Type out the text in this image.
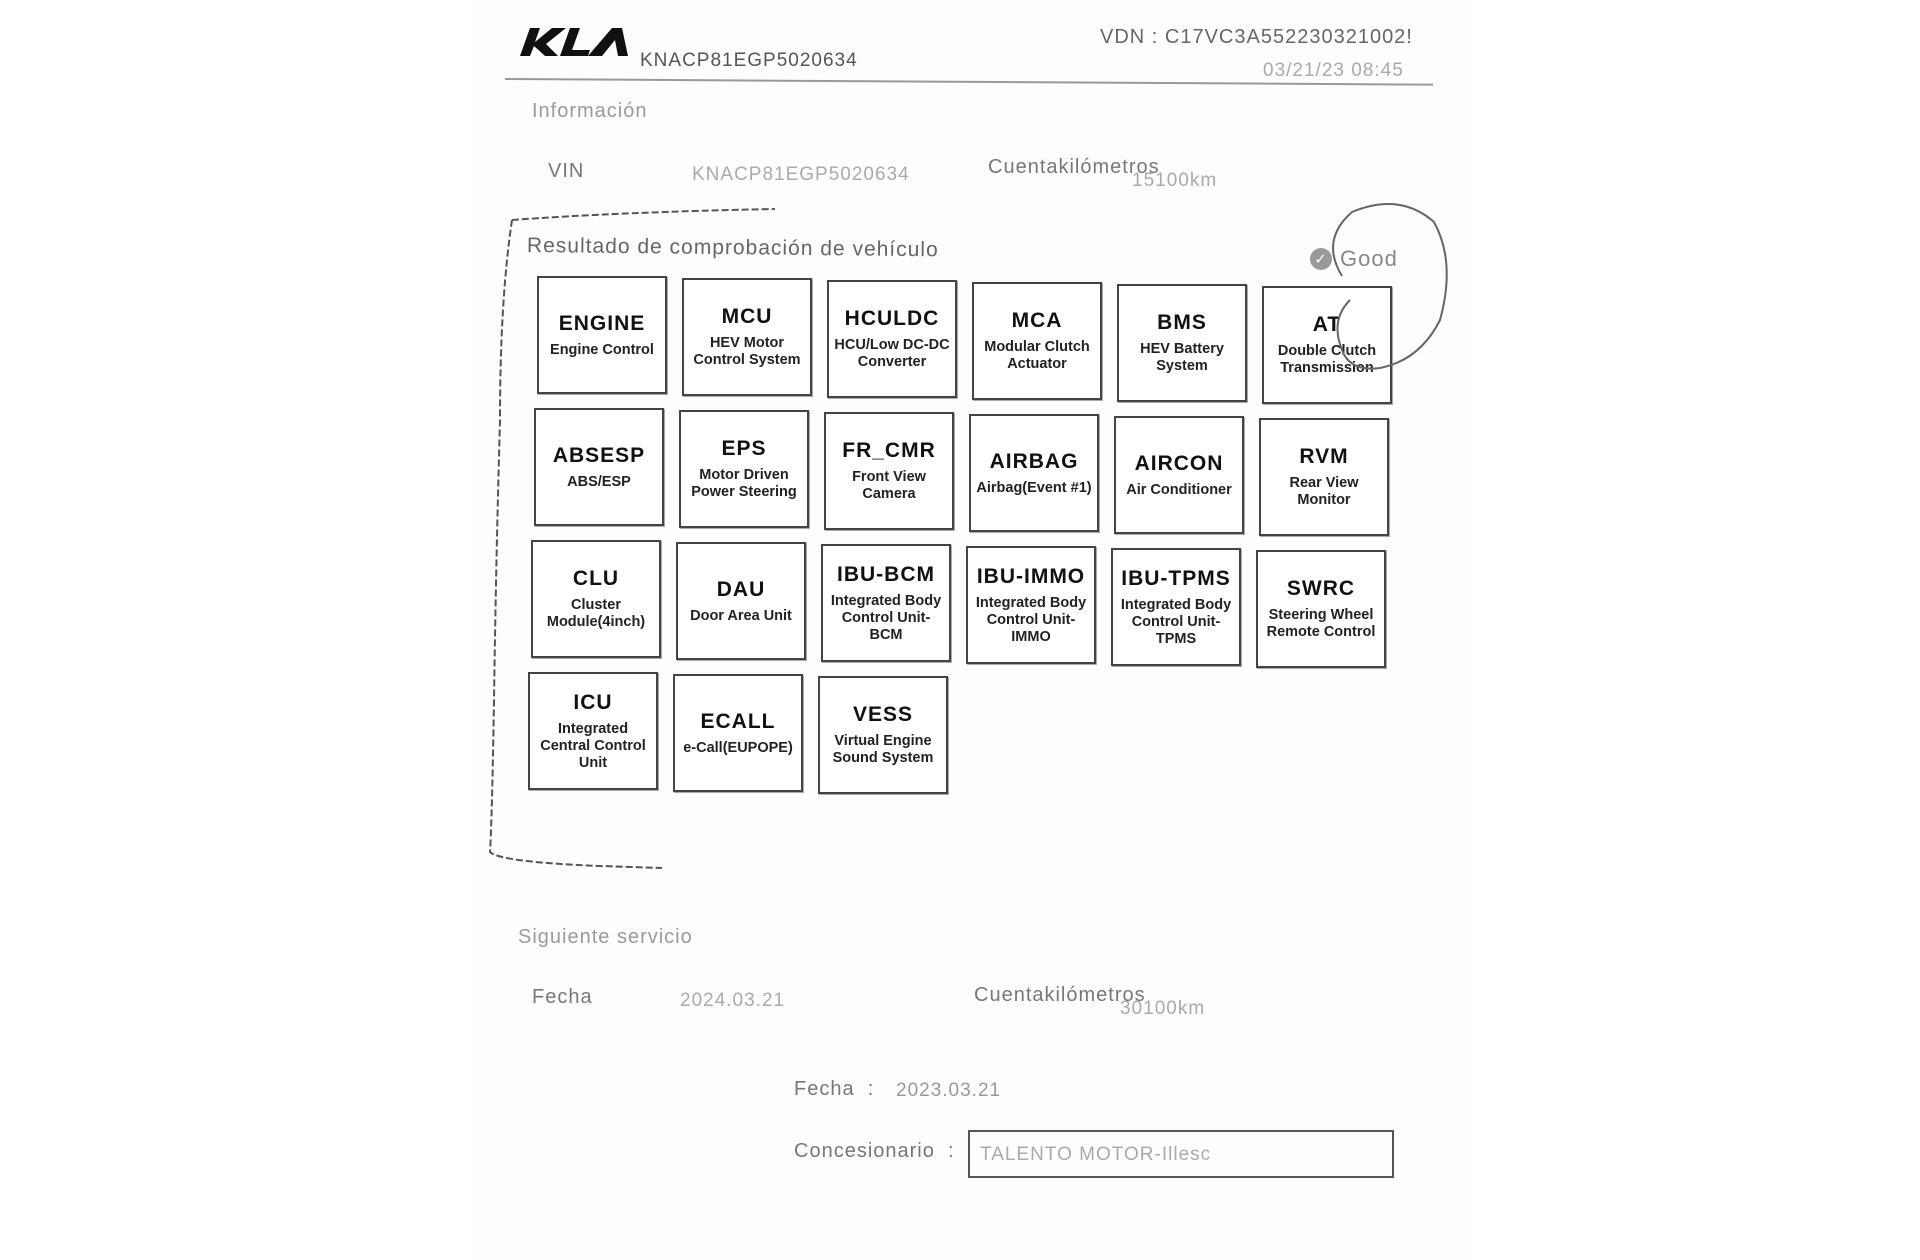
KNACP81EGP5020634
VDN : C17VC3A552230321002!
03/21/23 08:45
Información
VIN	KNACP81EGP5020634	Cuentakilómetros
15100km
Resultado de comprobación de vehículo	✓ Good
ENGINE
Engine Control
MCU
HEV Motor Control System
HCULDC
HCU/Low DC-DC Converter
MCA
Modular Clutch Actuator
BMS
HEV Battery System
AT
Double Clutch Transmission
ABSESP
ABS/ESP
EPS
Motor Driven Power Steering
FR_CMR
Front View Camera
AIRBAG
Airbag(Event #1)
AIRCON
Air Conditioner
RVM
Rear View Monitor
CLU
Cluster Module(4inch)
DAU
Door Area Unit
IBU-BCM
Integrated Body Control Unit-BCM
IBU-IMMO
Integrated Body Control Unit-IMMO
IBU-TPMS
Integrated Body Control Unit-TPMS
SWRC
Steering Wheel Remote Control
ICU
Integrated Central Control Unit
ECALL
e-Call(EUPOPE)
VESS
Virtual Engine Sound System
Siguiente servicio
Fecha	2024.03.21	Cuentakilómetros
30100km
Fecha  : 2023.03.21
Concesionario  : TALENTO MOTOR-Illesc
